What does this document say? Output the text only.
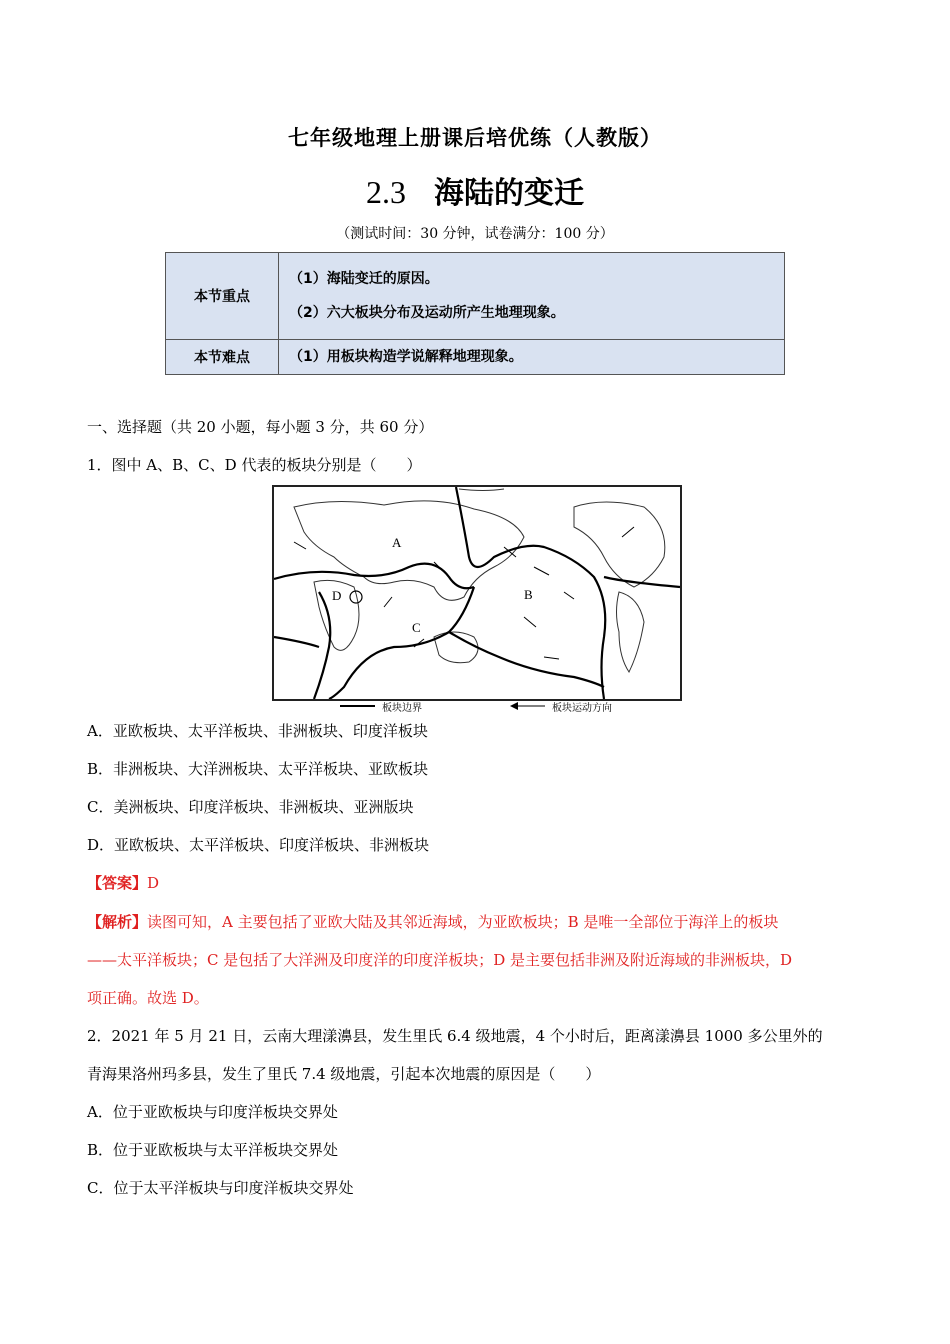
七年级地理上册课后培优练（人教版）
2.3 海陆的变迁
（测试时间：30 分钟，试卷满分：100 分）
本节重点	（1）海陆变迁的原因。
（2）六大板块分布及运动所产生地理现象。

本节难点	（1）用板块构造学说解释地理现象。
一、选择题（共 20 小题，每小题 3 分，共 60 分）
1．图中 A、B、C、D 代表的板块分别是（　　）
A
B
C
D
板块边界	板块运动方向
A．亚欧板块、太平洋板块、非洲板块、印度洋板块
B．非洲板块、大洋洲板块、太平洋板块、亚欧板块
C．美洲板块、印度洋板块、非洲板块、亚洲版块
D．亚欧板块、太平洋板块、印度洋板块、非洲板块
【答案】D
【解析】读图可知，A 主要包括了亚欧大陆及其邻近海域，为亚欧板块；B 是唯一全部位于海洋上的板块
——太平洋板块；C 是包括了大洋洲及印度洋的印度洋板块；D 是主要包括非洲及附近海域的非洲板块，D
项正确。故选 D。
2．2021 年 5 月 21 日，云南大理漾濞县，发生里氏 6.4 级地震，4 个小时后，距离漾濞县 1000 多公里外的
青海果洛州玛多县，发生了里氏 7.4 级地震，引起本次地震的原因是（　　）
A．位于亚欧板块与印度洋板块交界处
B．位于亚欧板块与太平洋板块交界处
C．位于太平洋板块与印度洋板块交界处
